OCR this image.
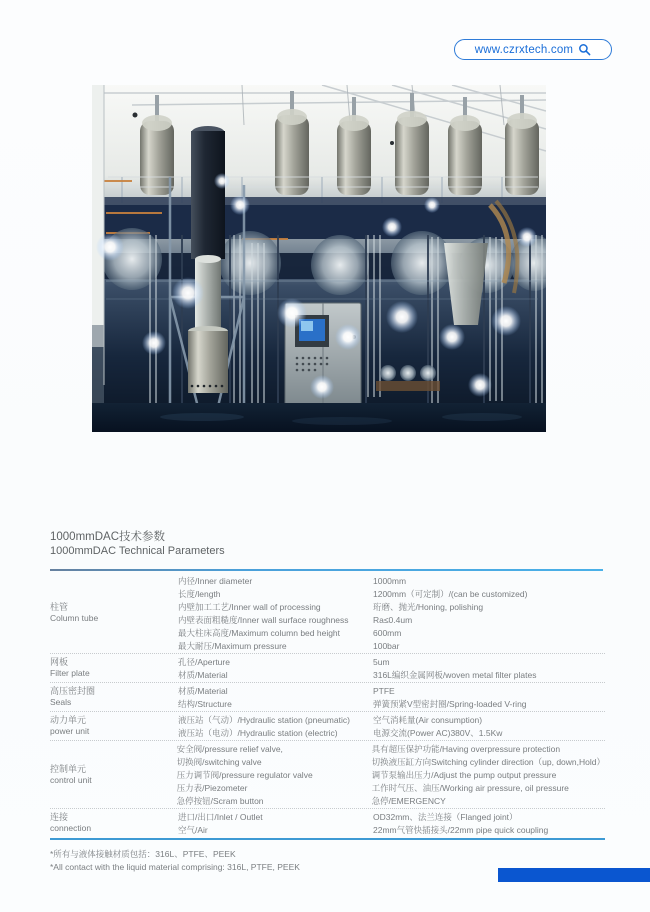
www.czrxtech.com
1000mmDAC技术参数
1000mmDAC Technical Parameters
柱管
Column tube
内径/Inner diameter	1000mm
长度/length	1200mm（可定制）/(can be customized)
内壁加工工艺/Inner wall of processing	珩磨、抛光/Honing, polishing
内壁表面粗糙度/Inner wall surface roughness	Ra≤0.4um
最大柱床高度/Maximum column bed height	600mm
最大耐压/Maximum pressure	100bar
网板
Filter plate
孔径/Aperture	5um
材质/Material	316L编织金属网板/woven metal filter plates
高压密封圈
Seals
材质/Material	PTFE
结构/Structure	弹簧预紧V型密封圈/Spring-loaded V-ring
动力单元
power unit
液压站（气动）/Hydraulic station (pneumatic)	空气消耗量(Air consumption)
液压站（电动）/Hydraulic station (electric)	电源交流(Power AC)380V、1.5Kw
控制单元
control unit
安全阀/pressure relief valve,	具有超压保护功能/Having overpressure protection
切换阀/switching valve	切换液压缸方向Switching cylinder direction（up, down,Hold）
压力调节阀/pressure regulator valve	调节泵输出压力/Adjust the pump output pressure
压力表/Piezometer	工作时气压、油压/Working air pressure, oil pressure
急停按钮/Scram button	急停/EMERGENCY
连接
connection
进口/出口/Inlet / Outlet	OD32mm、法兰连接（Flanged joint）
空气/Air	22mm气管快插接头/22mm pipe quick coupling
*所有与液体接触材质包括：316L、PTFE、PEEK
*All contact with the liquid material comprising: 316L, PTFE, PEEK
